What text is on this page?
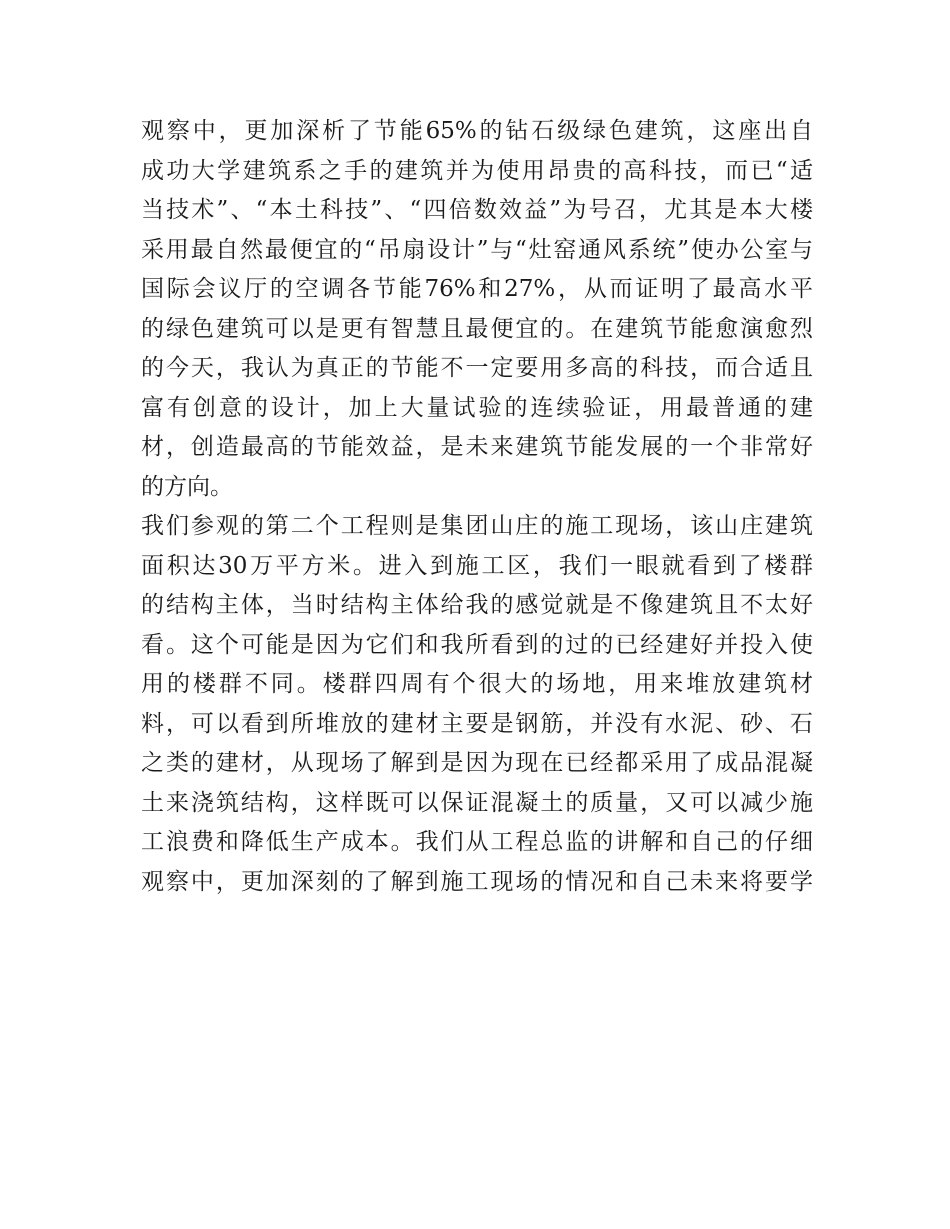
观察中，更加深析了节能65%的钻石级绿色建筑，这座出自
成功大学建筑系之手的建筑并为使用昂贵的高科技，而已“适
当技术”、“本土科技”、“四倍数效益”为号召，尤其是本大楼
采用最自然最便宜的“吊扇设计”与“灶窑通风系统”使办公室与
国际会议厅的空调各节能76%和27%，从而证明了最高水平
的绿色建筑可以是更有智慧且最便宜的。在建筑节能愈演愈烈
的今天，我认为真正的节能不一定要用多高的科技，而合适且
富有创意的设计，加上大量试验的连续验证，用最普通的建
材，创造最高的节能效益，是未来建筑节能发展的一个非常好
的方向。
我们参观的第二个工程则是集团山庄的施工现场，该山庄建筑
面积达30万平方米。进入到施工区，我们一眼就看到了楼群
的结构主体，当时结构主体给我的感觉就是不像建筑且不太好
看。这个可能是因为它们和我所看到的过的已经建好并投入使
用的楼群不同。楼群四周有个很大的场地，用来堆放建筑材
料，可以看到所堆放的建材主要是钢筋，并没有水泥、砂、石
之类的建材，从现场了解到是因为现在已经都采用了成品混凝
土来浇筑结构，这样既可以保证混凝土的质量，又可以减少施
工浪费和降低生产成本。我们从工程总监的讲解和自己的仔细
观察中，更加深刻的了解到施工现场的情况和自己未来将要学
